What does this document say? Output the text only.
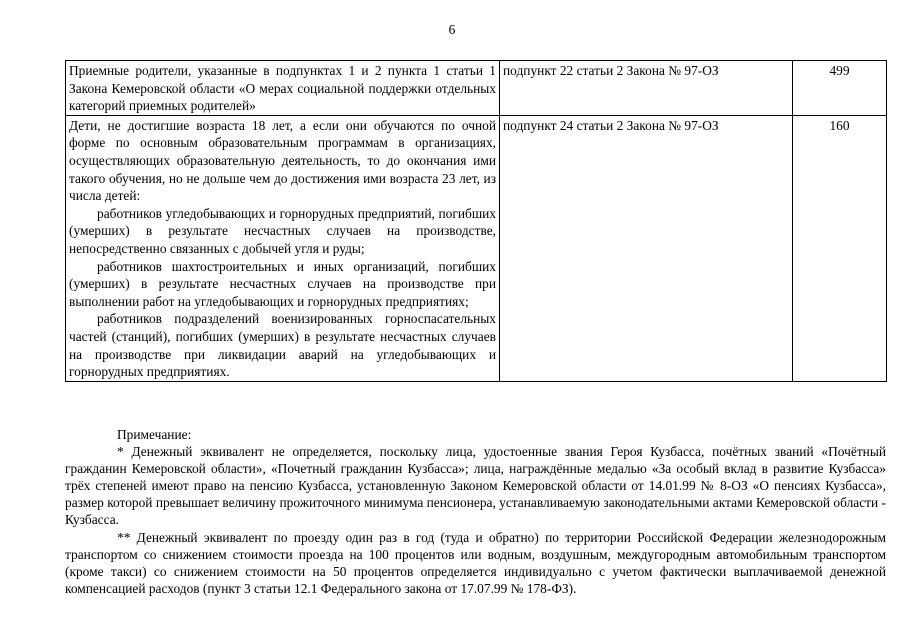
6

Приемные родители, указанные в подпунктах 1 и 2 пункта 1 статьи 1 Закона Кемеровской области «О мерах социальной поддержки отдельных категорий приемных родителей»	подпункт 22 статьи 2 Закона № 97-ОЗ	499

Дети, не достигшие возраста 18 лет, а если они обучаются по очной форме по основным образовательным программам в организациях, осуществляющих образовательную деятельность, то до окончания ими такого обучения, но не дольше чем до достижения ими возраста 23 лет, из числа детей:

работников угледобывающих и горнорудных предприятий, погибших (умерших) в результате несчастных случаев на производстве, непосредственно связанных с добычей угля и руды;

работников шахтостроительных и иных организаций, погибших (умерших) в результате несчастных случаев на производстве при выполнении работ на угледобывающих и горнорудных предприятиях;

работников подразделений военизированных горноспасательных частей (станций), погибших (умерших) в результате несчастных случаев на производстве при ликвидации аварий на угледобывающих и горнорудных предприятиях.	подпункт 24 статьи 2 Закона № 97-ОЗ	160

Примечание:

* Денежный эквивалент не определяется, поскольку лица, удостоенные звания Героя Кузбасса, почётных званий «Почётный гражданин Кемеровской области», «Почетный гражданин Кузбасса»; лица, награждённые медалью «За особый вклад в развитие Кузбасса» трёх степеней имеют право на пенсию Кузбасса, установленную Законом Кемеровской области от 14.01.99 № 8-ОЗ «О пенсиях Кузбасса», размер которой превышает величину прожиточного минимума пенсионера, устанавливаемую законодательными актами Кемеровской области - Кузбасса.

** Денежный эквивалент по проезду один раз в год (туда и обратно) по территории Российской Федерации железнодорожным транспортом со снижением стоимости проезда на 100 процентов или водным, воздушным, междугородным автомобильным транспортом (кроме такси) со снижением стоимости на 50 процентов определяется индивидуально с учетом фактически выплачиваемой денежной компенсацией расходов (пункт 3 статьи 12.1 Федерального закона от 17.07.99 № 178-ФЗ).
